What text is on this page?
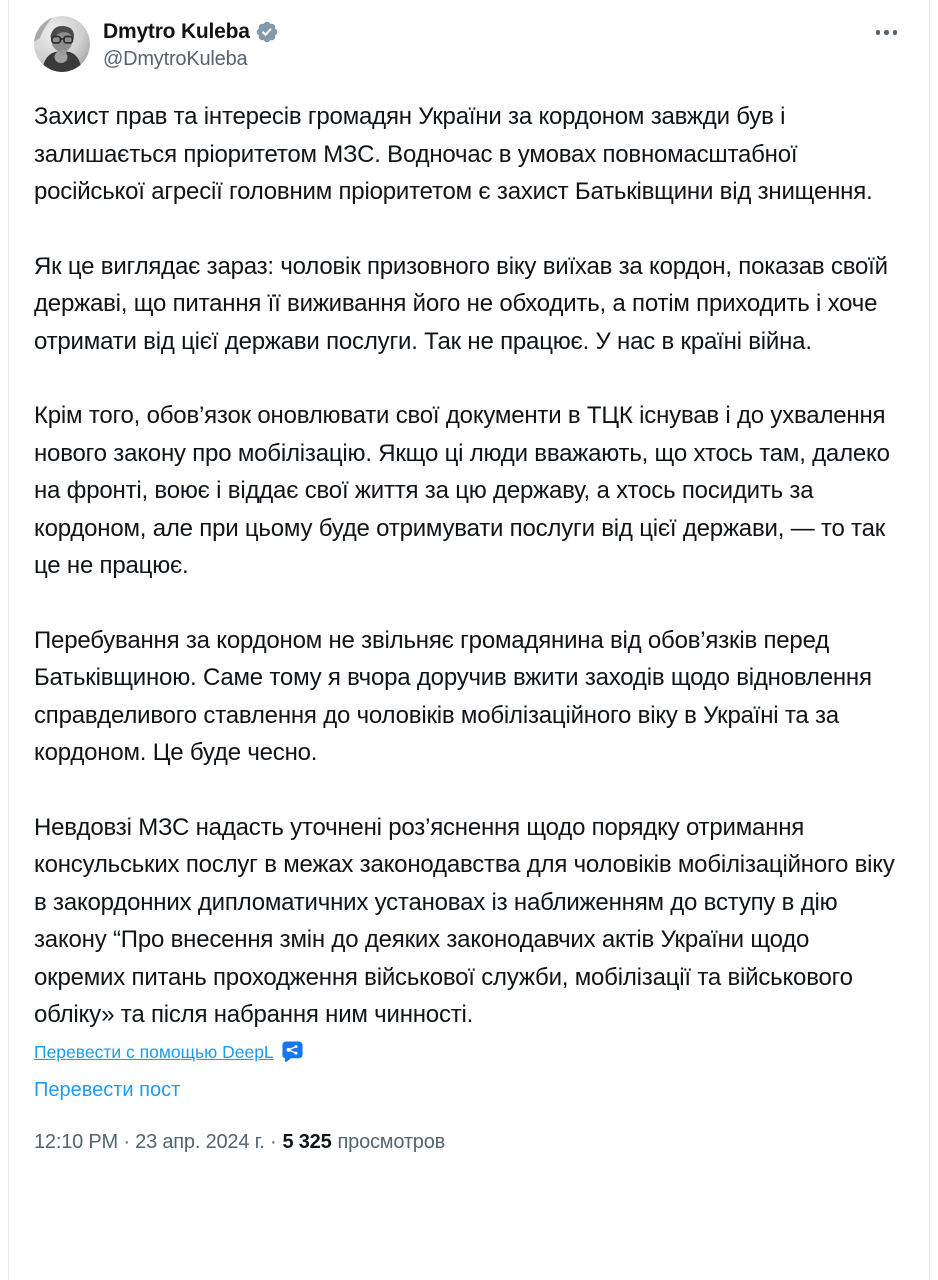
Dmytro Kuleba
@DmytroKuleba

Захист прав та інтересів громадян України за кордоном завжди був і залишається пріоритетом МЗС. Водночас в умовах повномасштабної російської агресії головним пріоритетом є захист Батьківщини від знищення.

Як це виглядає зараз: чоловік призовного віку виїхав за кордон, показав своїй державі, що питання її виживання його не обходить, а потім приходить і хоче отримати від цієї держави послуги. Так не працює. У нас в країні війна.

Крім того, обов’язок оновлювати свої документи в ТЦК існував і до ухвалення нового закону про мобілізацію. Якщо ці люди вважають, що хтось там, далеко на фронті, воює і віддає свої життя за цю державу, а хтось посидить за кордоном, але при цьому буде отримувати послуги від цієї держави, — то так це не працює.

Перебування за кордоном не звільняє громадянина від обов’язків перед Батьківщиною. Саме тому я вчора доручив вжити заходів щодо відновлення справделивого ставлення до чоловіків мобілізаційного віку в Україні та за кордоном. Це буде чесно.

Невдовзі МЗС надасть уточнені роз’яснення щодо порядку отримання консульських послуг в межах законодавства для чоловіків мобілізаційного віку в закордонних дипломатичних установах із наближенням до вступу в дію закону “Про внесення змін до деяких законодавчих актів України щодо окремих питань проходження військової служби, мобілізації та військового обліку» та після набрання ним чинності.

Перевести с помощью DeepL
Перевести пост
12:10 PM · 23 апр. 2024 г. · 5 325 просмотров
